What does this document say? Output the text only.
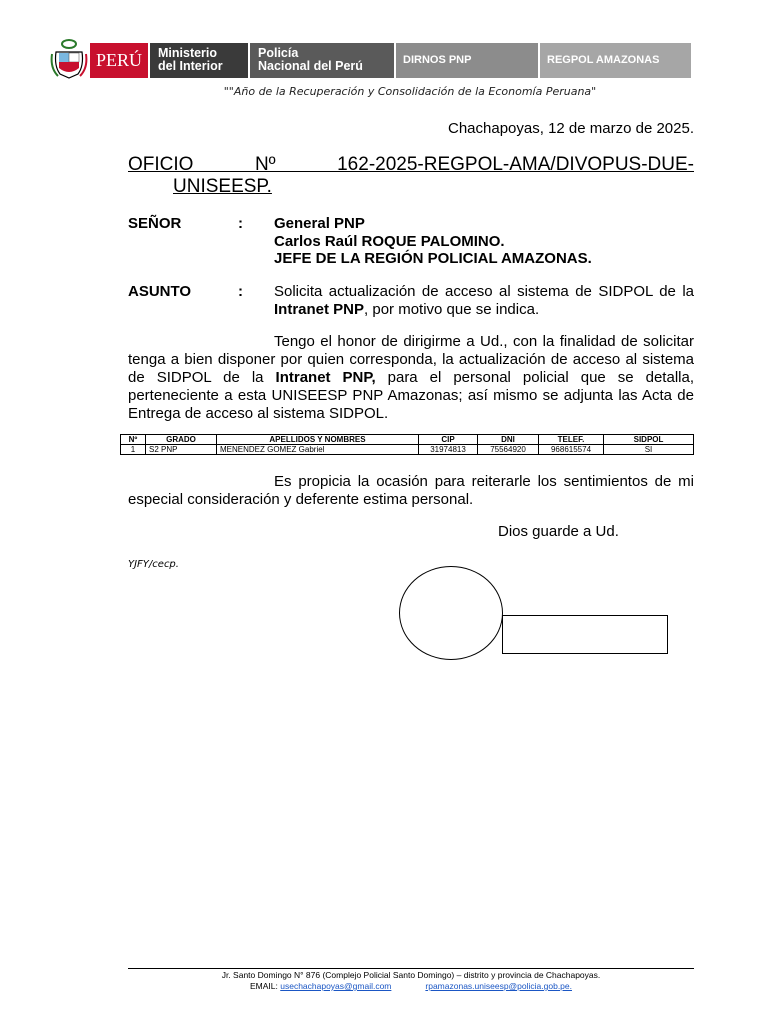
PERÚ Ministerio
del Interior
Policía
Nacional del Perú	DIRNOS PNP	REGPOL AMAZONAS
""Año de la Recuperación y Consolidación de la Economía Peruana"
Chachapoyas, 12 de marzo de 2025.
OFICIO Nº 162-2025-REGPOL-AMA/DIVOPUS-DUE-
UNISEESP.
SEÑOR	: General PNP
Carlos Raúl ROQUE PALOMINO.
JEFE DE LA REGIÓN POLICIAL AMAZONAS.
ASUNTO	: Solicita actualización de acceso al sistema de SIDPOL de la Intranet PNP, por motivo que se indica.
Tengo el honor de dirigirme a Ud., con la finalidad de solicitar tenga a bien disponer por quien corresponda, la actualización de acceso al sistema de SIDPOL de la Intranet PNP, para el personal policial que se detalla, perteneciente a esta UNISEESP PNP Amazonas; así mismo se adjunta las Acta de Entrega de acceso al sistema SIDPOL.
Nº	GRADO	APELLIDOS Y NOMBRES	CIP	DNI	TELEF.	SIDPOL
1	S2 PNP	MENENDEZ GOMEZ Gabriel	31974813	75564920	968615574	SI
Es propicia la ocasión para reiterarle los sentimientos de mi especial consideración y deferente estima personal.
Dios guarde a Ud.
YJFY/cecp.
Jr. Santo Domingo N° 876 (Complejo Policial Santo Domingo) – distrito y provincia de Chachapoyas.
EMAIL: usechachapoyas@gmail.com	rpamazonas.uniseesp@policia.gob.pe.
